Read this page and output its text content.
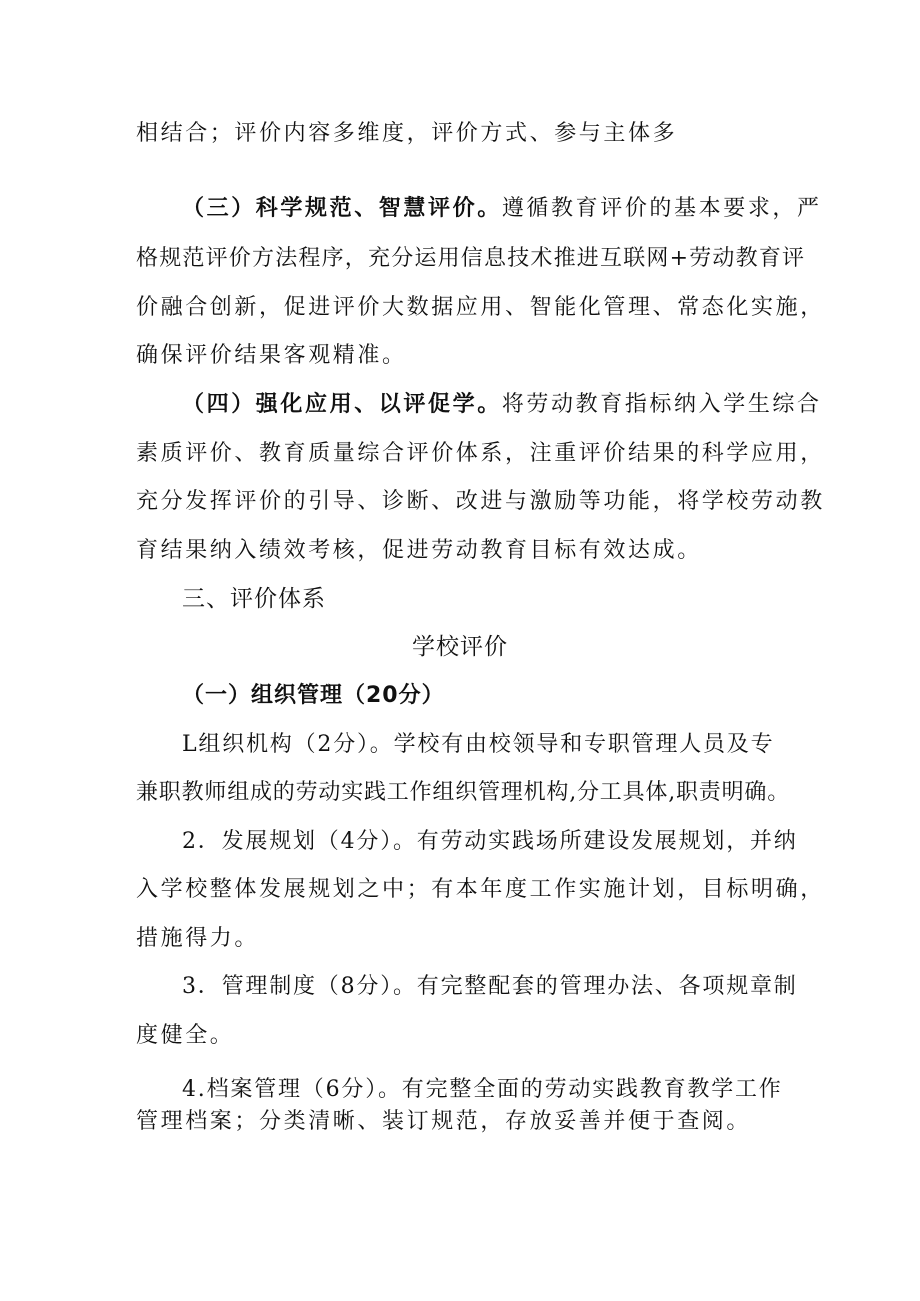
相结合；评价内容多维度，评价方式、参与主体多
（三）科学规范、智慧评价。遵循教育评价的基本要求，严
格规范评价方法程序，充分运用信息技术推进互联网+劳动教育评
价融合创新，促进评价大数据应用、智能化管理、常态化实施，
确保评价结果客观精准。
（四）强化应用、以评促学。将劳动教育指标纳入学生综合
素质评价、教育质量综合评价体系，注重评价结果的科学应用，
充分发挥评价的引导、诊断、改进与激励等功能，将学校劳动教
育结果纳入绩效考核，促进劳动教育目标有效达成。
三、评价体系
学校评价
（一）组织管理（20分）
L组织机构（2分）。学校有由校领导和专职管理人员及专
兼职教师组成的劳动实践工作组织管理机构,分工具体,职责明确。
2．发展规划（4分）。有劳动实践场所建设发展规划，并纳
入学校整体发展规划之中；有本年度工作实施计划，目标明确，
措施得力。
3．管理制度（8分）。有完整配套的管理办法、各项规章制
度健全。
4.档案管理（6分）。有完整全面的劳动实践教育教学工作
管理档案；分类清晰、装订规范，存放妥善并便于查阅。
